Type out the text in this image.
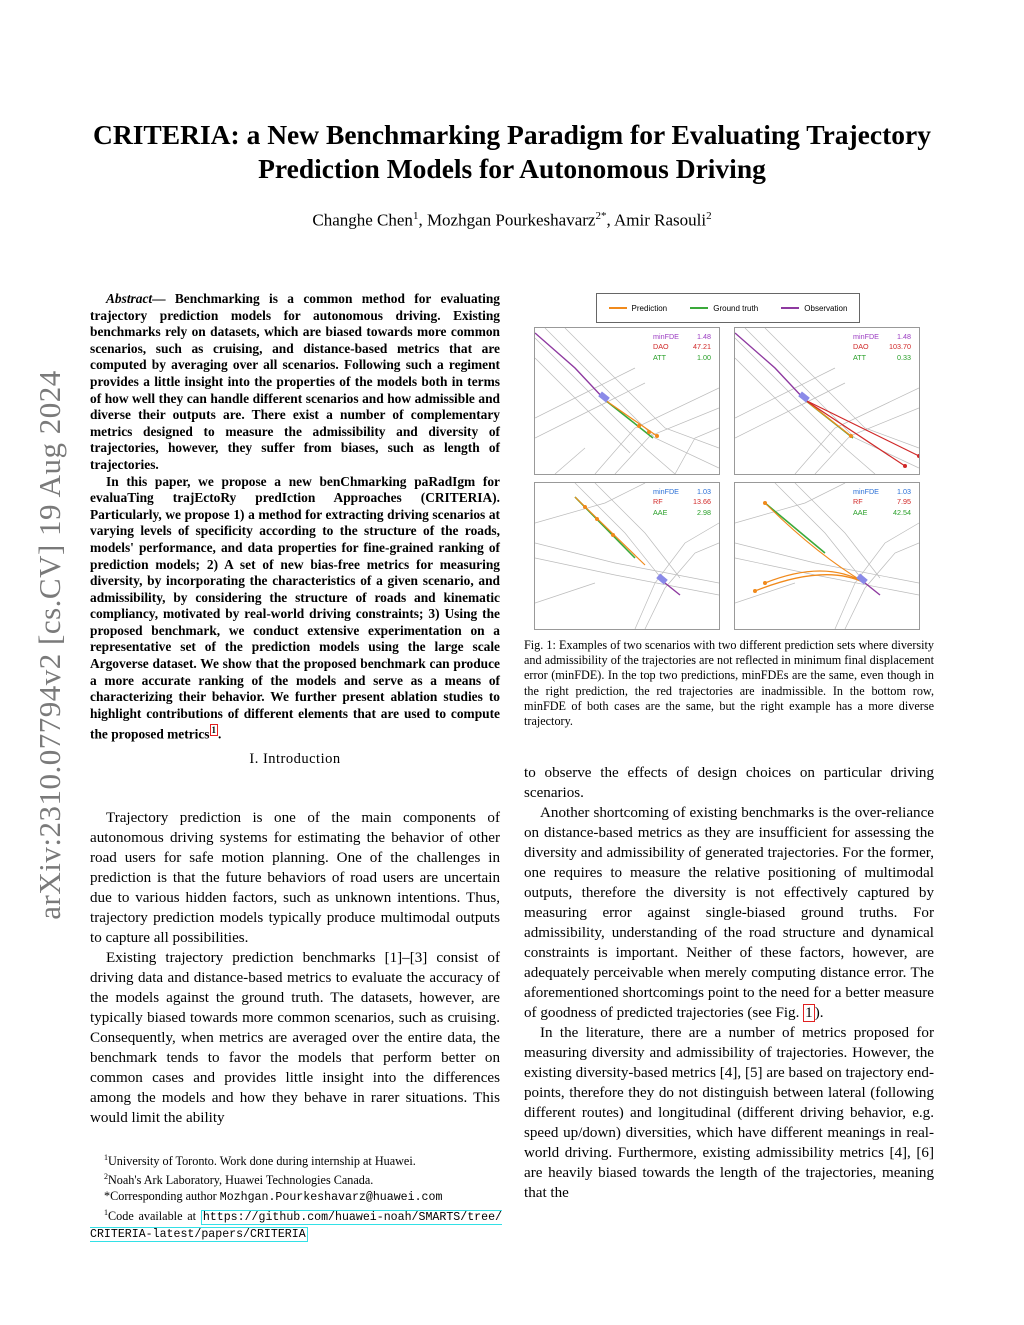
arXiv:2310.07794v2 [cs.CV] 19 Aug 2024
CRITERIA: a New Benchmarking Paradigm for Evaluating Trajectory
Prediction Models for Autonomous Driving
Changhe Chen$^1$, Mozhgan Pourkeshavarz$^{2*}$, Amir Rasouli$^2$

Abstract— Benchmarking is a common method for evaluating trajectory prediction models for autonomous driving. Existing benchmarks rely on datasets, which are biased towards more common scenarios, such as cruising, and distance-based metrics that are computed by averaging over all scenarios. Following such a regiment provides a little insight into the properties of the models both in terms of how well they can handle different scenarios and how admissible and diverse their outputs are. There exist a number of complementary metrics designed to measure the admissibility and diversity of trajectories, however, they suffer from biases, such as length of trajectories.

In this paper, we propose a new benChmarking paRadIgm for evaluaTing trajEctoRy predIction Approaches (CRITERIA). Particularly, we propose 1) a method for extracting driving scenarios at varying levels of specificity according to the structure of the roads, models' performance, and data properties for fine-grained ranking of prediction models; 2) A set of new bias-free metrics for measuring diversity, by incorporating the characteristics of a given scenario, and admissibility, by considering the structure of roads and kinematic compliancy, motivated by real-world driving constraints; 3) Using the proposed benchmark, we conduct extensive experimentation on a representative set of the prediction models using the large scale Argoverse dataset. We show that the proposed benchmark can produce a more accurate ranking of the models and serve as a means of characterizing their behavior. We further present ablation studies to highlight contributions of different elements that are used to compute the proposed metrics $^1$ .

I. Introduction

Trajectory prediction is one of the main components of autonomous driving systems for estimating the behavior of other road users for safe motion planning. One of the challenges in prediction is that the future behaviors of road users are uncertain due to various hidden factors, such as unknown intentions. Thus, trajectory prediction models typically produce multimodal outputs to capture all possibilities.

Existing trajectory prediction benchmarks [1]–[3] consist of driving data and distance-based metrics to evaluate the accuracy of the models against the ground truth. The datasets, however, are typically biased towards more common scenarios, such as cruising. Consequently, when metrics are averaged over the entire data, the benchmark tends to favor the models that perform better on common cases and provides little insight into the differences among the models and how they behave in rarer situations. This would limit the ability

$^1$University of Toronto. Work done during internship at Huawei.
$^2$Noah's Ark Laboratory, Huawei Technologies Canada.
*Corresponding author Mozhgan.Pourkeshavarz@huawei.com
$^1$Code available at https://github.com/huawei-noah/SMARTS/tree/CRITERIA-latest/papers/CRITERIA
Prediction	Ground truth	Observation
minFDE	1.48
DAO	47.21
ATT	1.00
minFDE	1.48
DAO	103.70
ATT	0.33
minFDE	1.03
RF	13.66
AAE	2.98
minFDE	1.03
RF	7.95
AAE	42.54
Fig. 1: Examples of two scenarios with two different prediction sets where diversity and admissibility of the trajectories are not reflected in minimum final displacement error (minFDE). In the top two predictions, minFDEs are the same, even though in the right prediction, the red trajectories are inadmissible. In the bottom row, minFDE of both cases are the same, but the right example has a more diverse trajectory.

to observe the effects of design choices on particular driving scenarios.

Another shortcoming of existing benchmarks is the over-reliance on distance-based metrics as they are insufficient for assessing the diversity and admissibility of generated trajectories. For the former, one requires to measure the relative positioning of multimodal outputs, therefore the diversity is not effectively captured by measuring error against single-biased ground truths. For admissibility, understanding of the road structure and dynamical constraints is important. Neither of these factors, however, are adequately perceivable when merely computing distance error. The aforementioned shortcomings point to the need for a better measure of goodness of predicted trajectories (see Fig. 1 ).

In the literature, there are a number of metrics proposed for measuring diversity and admissibility of trajectories. However, the existing diversity-based metrics [4], [5] are based on trajectory end-points, therefore they do not distinguish between lateral (following different routes) and longitudinal (different driving behavior, e.g. speed up/down) diversities, which have different meanings in real-world driving. Furthermore, existing admissibility metrics [4], [6] are heavily biased towards the length of the trajectories, meaning that the
